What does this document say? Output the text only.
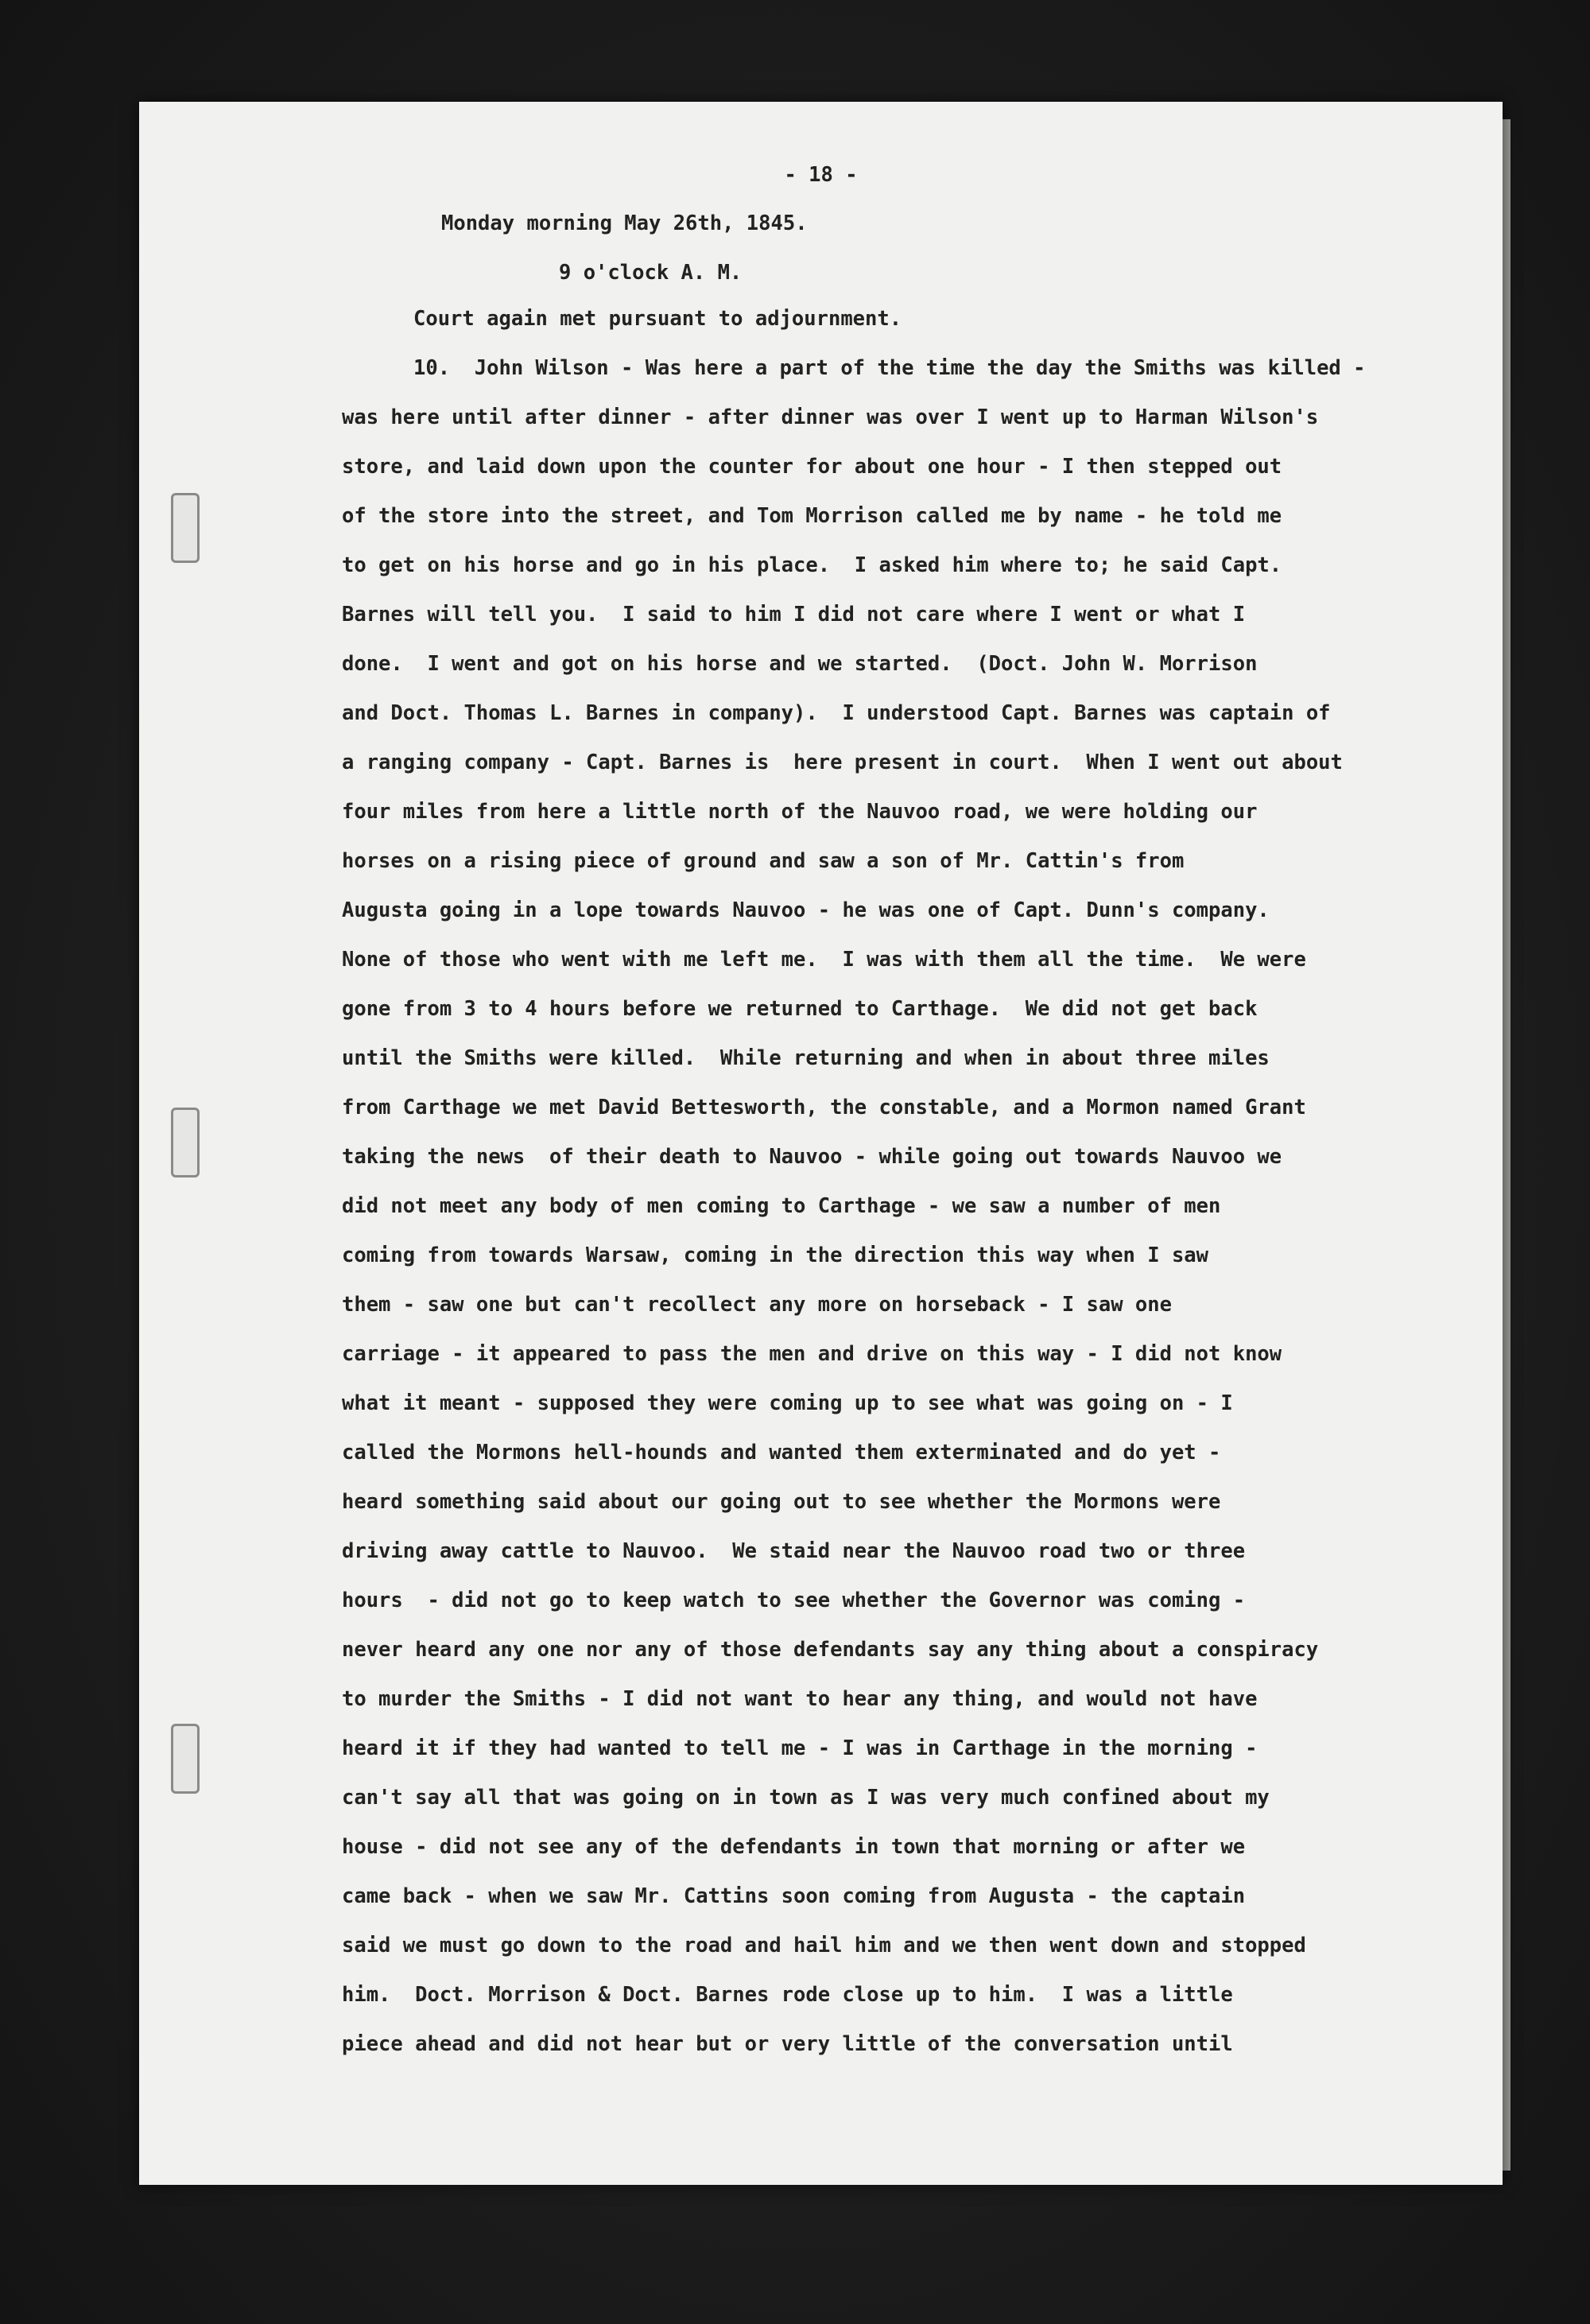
- 18 -
Monday morning May 26th, 1845.
9 o'clock A. M.
Court again met pursuant to adjournment.
10.  John Wilson - Was here a part of the time the day the Smiths was killed -
was here until after dinner - after dinner was over I went up to Harman Wilson's
store, and laid down upon the counter for about one hour - I then stepped out
of the store into the street, and Tom Morrison called me by name - he told me
to get on his horse and go in his place.  I asked him where to; he said Capt.
Barnes will tell you.  I said to him I did not care where I went or what I
done.  I went and got on his horse and we started.  (Doct. John W. Morrison
and Doct. Thomas L. Barnes in company).  I understood Capt. Barnes was captain of
a ranging company - Capt. Barnes is  here present in court.  When I went out about
four miles from here a little north of the Nauvoo road, we were holding our
horses on a rising piece of ground and saw a son of Mr. Cattin's from
Augusta going in a lope towards Nauvoo - he was one of Capt. Dunn's company.
None of those who went with me left me.  I was with them all the time.  We were
gone from 3 to 4 hours before we returned to Carthage.  We did not get back
until the Smiths were killed.  While returning and when in about three miles
from Carthage we met David Bettesworth, the constable, and a Mormon named Grant
taking the news  of their death to Nauvoo - while going out towards Nauvoo we
did not meet any body of men coming to Carthage - we saw a number of men
coming from towards Warsaw, coming in the direction this way when I saw
them - saw one but can't recollect any more on horseback - I saw one
carriage - it appeared to pass the men and drive on this way - I did not know
what it meant - supposed they were coming up to see what was going on - I
called the Mormons hell-hounds and wanted them exterminated and do yet -
heard something said about our going out to see whether the Mormons were
driving away cattle to Nauvoo.  We staid near the Nauvoo road two or three
hours  - did not go to keep watch to see whether the Governor was coming -
never heard any one nor any of those defendants say any thing about a conspiracy
to murder the Smiths - I did not want to hear any thing, and would not have
heard it if they had wanted to tell me - I was in Carthage in the morning -
can't say all that was going on in town as I was very much confined about my
house - did not see any of the defendants in town that morning or after we
came back - when we saw Mr. Cattins soon coming from Augusta - the captain
said we must go down to the road and hail him and we then went down and stopped
him.  Doct. Morrison & Doct. Barnes rode close up to him.  I was a little
piece ahead and did not hear but or very little of the conversation until
